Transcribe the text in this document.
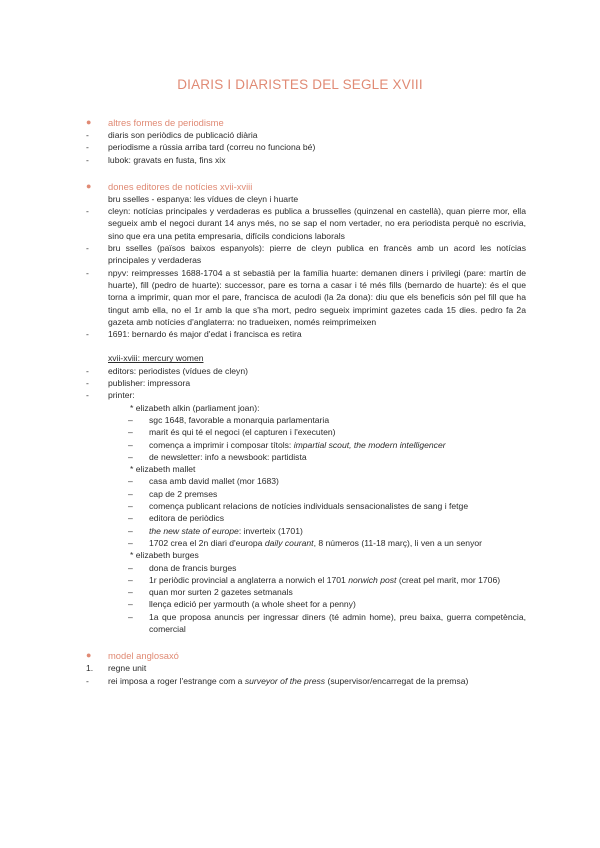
DIARIS I DIARISTES DEL SEGLE XVIII
●	altres formes de periodisme
-	diaris son periòdics de publicació diària
-	periodisme a rússia arriba tard (correu no funciona bé)
-	lubok: gravats en fusta, fins xix
●	dones editores de notícies xvii-xviii
bru sselles - espanya: les vídues de cleyn i huarte
-	cleyn: notícias principales y verdaderas es publica a brusselles (quinzenal en castellà), quan pierre mor, ella segueix amb el negoci durant 14 anys més, no se sap el nom vertader, no era periodista perquè no escrivia, sino que era una petita empresaria, difícils condicions laborals
-	bru sselles (països baixos espanyols): pierre de cleyn publica en francès amb un acord les notícias principales y verdaderas
-	npyv: reimpresses 1688-1704 a st sebastià per la família huarte: demanen diners i privilegi (pare: martín de huarte), fill (pedro de huarte): successor, pare es torna a casar i té més fills (bernardo de huarte): és el que torna a imprimir, quan mor el pare, francisca de aculodi (la 2a dona): diu que els beneficis són pel fill que ha tingut amb ella, no el 1r amb la que s'ha mort, pedro segueix imprimint gazetes cada 15 dies. pedro fa 2a gazeta amb notícies d'anglaterra: no tradueixen, només reimprimeixen
-	1691: bernardo és major d'edat i francisca es retira
xvii-xviii: mercury women
-	editors: periodistes (vídues de cleyn)
-	publisher: impressora
-	printer:
* elizabeth alkin (parliament joan):
–	sgc 1648, favorable a monarquia parlamentaria
–	marit és qui té el negoci (el capturen i l'executen)
–	comença a imprimir i composar títols: impartial scout, the modern intelligencer
–	de newsletter: info a newsbook: partidista
* elizabeth mallet
–	casa amb david mallet (mor 1683)
–	cap de 2 premses
–	comença publicant relacions de notícies individuals sensacionalistes de sang i fetge
–	editora de periòdics
–	the new state of europe: inverteix (1701)
–	1702 crea el 2n diari d'europa daily courant, 8 números (11-18 març), li ven a un senyor
* elizabeth burges
–	dona de francis burges
–	1r periòdic provincial a anglaterra a norwich el 1701 norwich post (creat pel marit, mor 1706)
–	quan mor surten 2 gazetes setmanals
–	llença edició per yarmouth (a whole sheet for a penny)
–	1a que proposa anuncis per ingressar diners (té admin home), preu baixa, guerra competència, comercial
●	model anglosaxó
1.	regne unit
-	rei imposa a roger l'estrange com a surveyor of the press (supervisor/encarregat de la premsa)
